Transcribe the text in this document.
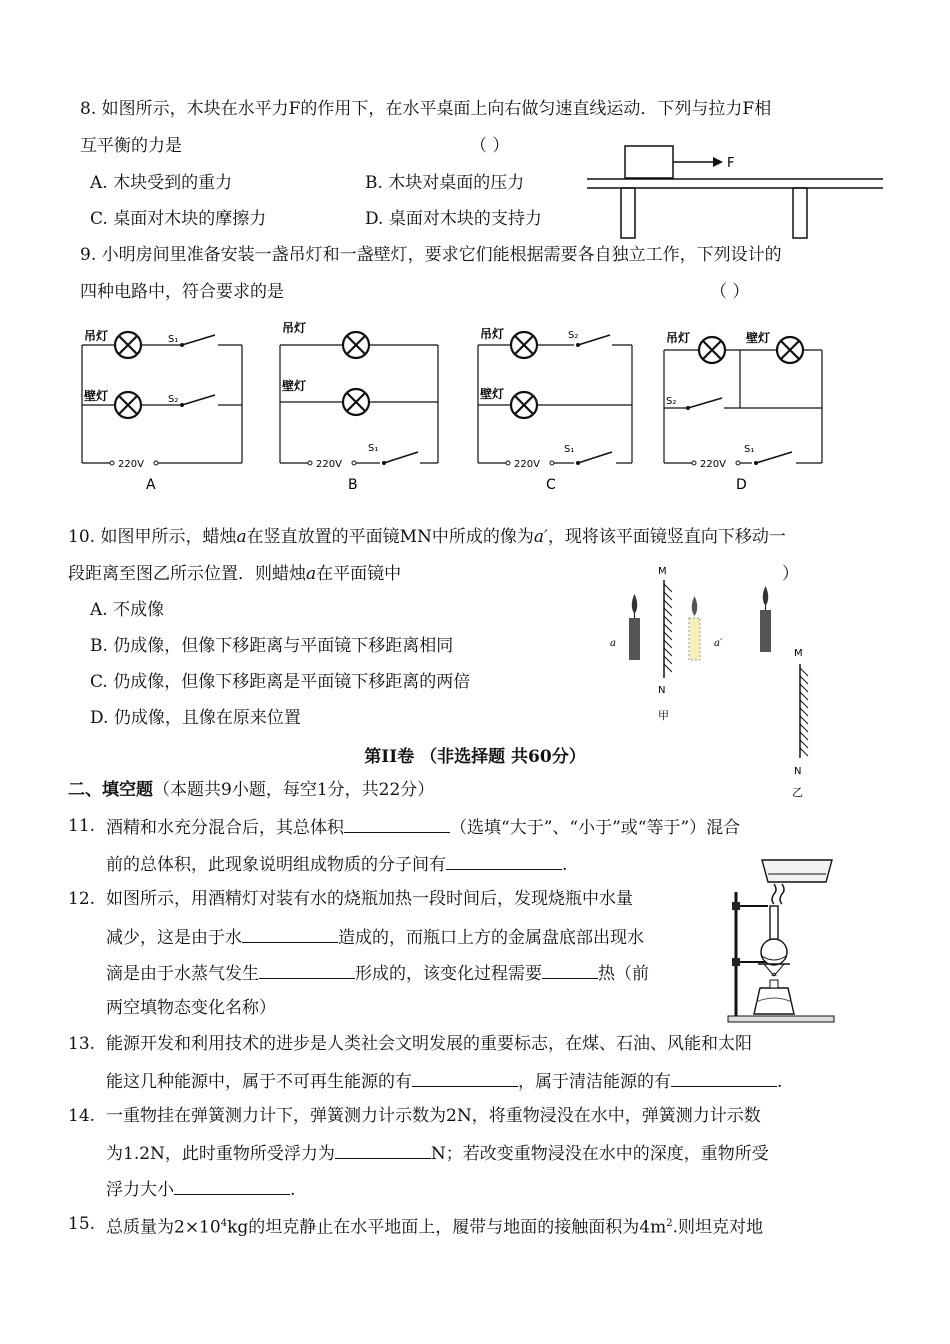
8. 如图所示，木块在水平力F的作用下，在水平桌面上向右做匀速直线运动．下列与拉力F相
互平衡的力是	（ ）
A. 木块受到的重力	B. 木块对桌面的压力
C. 桌面对木块的摩擦力	D. 桌面对木块的支持力
F
9. 小明房间里准备安装一盏吊灯和一盏壁灯，要求它们能根据需要各自独立工作，下列设计的
四种电路中，符合要求的是	（ ）
吊灯
壁灯
S₁
S₂
220V
A
吊灯
壁灯
S₁
220V
B
吊灯
壁灯
S₂
S₁
220V
C
吊灯	壁灯
S₂
S₁
220V
D
10. 如图甲所示，蜡烛a在竖直放置的平面镜MN中所成的像为a′，现将该平面镜竖直向下移动一
段距离至图乙所示位置．则蜡烛a在平面镜中	）
A. 不成像
B. 仍成像，但像下移距离与平面镜下移距离相同
C. 仍成像，但像下移距离是平面镜下移距离的两倍
D. 仍成像，且像在原来位置
M
N
甲
a	a′
M
N
乙
第II卷 （非选择题 共60分）
二、填空题（本题共9小题，每空1分，共22分）
11. 酒精和水充分混合后，其总体积	（选填“大于”、“小于”或“等于”）混合
前的总体积，此现象说明组成物质的分子间有	.
12. 如图所示，用酒精灯对装有水的烧瓶加热一段时间后，发现烧瓶中水量
减少，这是由于水	造成的，而瓶口上方的金属盘底部出现水
滴是由于水蒸气发生	形成的，该变化过程需要	热（前
两空填物态变化名称）
13. 能源开发和利用技术的进步是人类社会文明发展的重要标志，在煤、石油、风能和太阳
能这几种能源中，属于不可再生能源的有	，属于清洁能源的有	.
14. 一重物挂在弹簧测力计下，弹簧测力计示数为2N，将重物浸没在水中，弹簧测力计示数
为1.2N，此时重物所受浮力为	N；若改变重物浸没在水中的深度，重物所受
浮力大小	.
15. 总质量为$2\times 10^4kg$的坦克静止在水平地面上，履带与地面的接触面积为$4m^2$.则坦克对地
